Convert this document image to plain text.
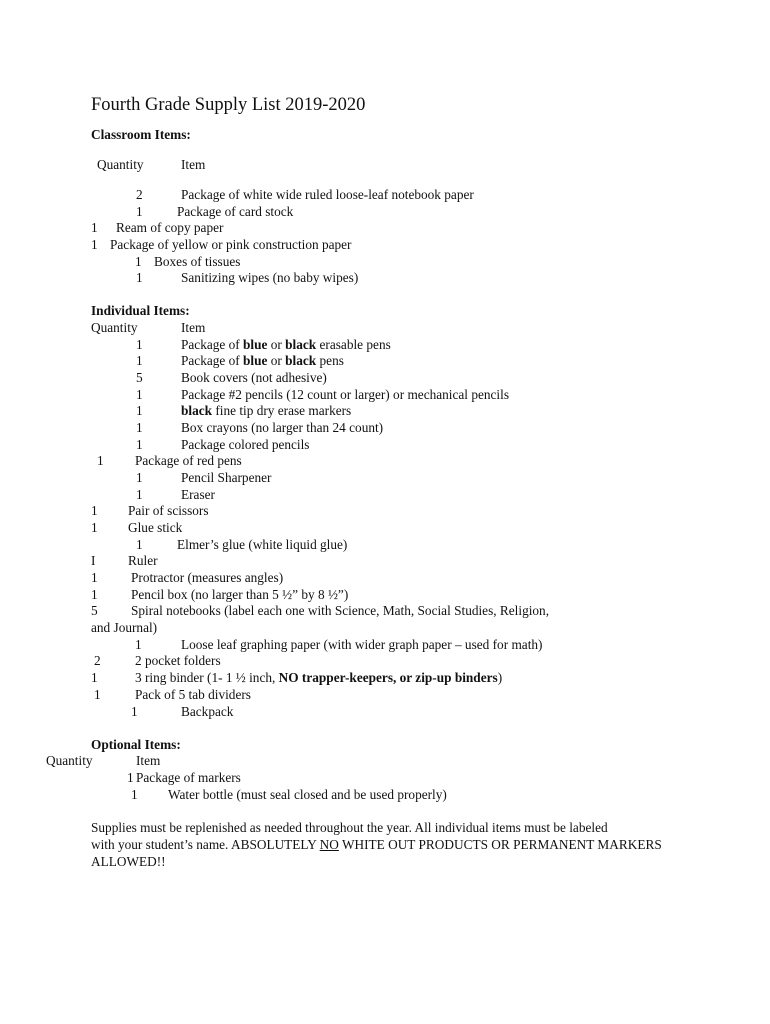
Fourth Grade Supply List 2019-2020
Classroom Items:
Quantity	Item
2	Package of white wide ruled loose-leaf notebook paper
1	Package of card stock
1 Ream of copy paper
1 Package of yellow or pink construction paper
1 Boxes of tissues
1	Sanitizing wipes (no baby wipes)
Individual Items:
Quantity	Item
1	Package of blue or black erasable pens
1	Package of blue or black pens
5	Book covers (not adhesive)
1	Package #2 pencils (12 count or larger) or mechanical pencils
1	black fine tip dry erase markers
1	Box crayons (no larger than 24 count)
1	Package colored pencils
1 Package of red pens
1	Pencil Sharpener
1	Eraser
1 Pair of scissors
1 Glue stick
1	Elmer’s glue (white liquid glue)
I Ruler
1	Protractor (measures angles)
1	Pencil box (no larger than 5 ½” by 8 ½”)
5	Spiral notebooks (label each one with Science, Math, Social Studies, Religion,
and Journal)
1	Loose leaf graphing paper (with wider graph paper – used for math)
2	2 pocket folders
1	3 ring binder (1- 1 ½ inch, NO trapper-keepers, or zip-up binders)
1	Pack of 5 tab dividers
1	Backpack
Optional Items:
Quantity	Item
1 Package of markers
1 Water bottle (must seal closed and be used properly)
Supplies must be replenished as needed throughout the year. All individual items must be labeled
with your student’s name. ABSOLUTELY NO WHITE OUT PRODUCTS OR PERMANENT MARKERS
ALLOWED!!
